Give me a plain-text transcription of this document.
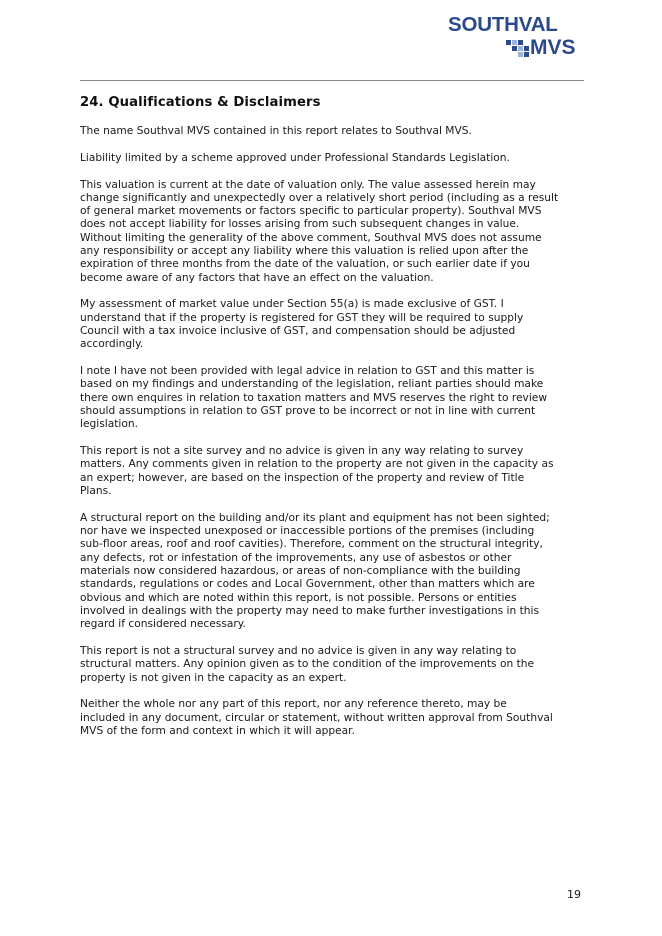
SOUTHVAL
MVS
24. Qualifications & Disclaimers

The name Southval MVS contained in this report relates to Southval MVS.

Liability limited by a scheme approved under Professional Standards Legislation.

This valuation is current at the date of valuation only. The value assessed herein may
change significantly and unexpectedly over a relatively short period (including as a result
of general market movements or factors specific to particular property). Southval MVS
does not accept liability for losses arising from such subsequent changes in value.
Without limiting the generality of the above comment, Southval MVS does not assume
any responsibility or accept any liability where this valuation is relied upon after the
expiration of three months from the date of the valuation, or such earlier date if you
become aware of any factors that have an effect on the valuation.

My assessment of market value under Section 55(a) is made exclusive of GST. I
understand that if the property is registered for GST they will be required to supply
Council with a tax invoice inclusive of GST, and compensation should be adjusted
accordingly.

I note I have not been provided with legal advice in relation to GST and this matter is
based on my findings and understanding of the legislation, reliant parties should make
there own enquires in relation to taxation matters and MVS reserves the right to review
should assumptions in relation to GST prove to be incorrect or not in line with current
legislation.

This report is not a site survey and no advice is given in any way relating to survey
matters. Any comments given in relation to the property are not given in the capacity as
an expert; however, are based on the inspection of the property and review of Title
Plans.

A structural report on the building and/or its plant and equipment has not been sighted;
nor have we inspected unexposed or inaccessible portions of the premises (including
sub-floor areas, roof and roof cavities). Therefore, comment on the structural integrity,
any defects, rot or infestation of the improvements, any use of asbestos or other
materials now considered hazardous, or areas of non-compliance with the building
standards, regulations or codes and Local Government, other than matters which are
obvious and which are noted within this report, is not possible. Persons or entities
involved in dealings with the property may need to make further investigations in this
regard if considered necessary.

This report is not a structural survey and no advice is given in any way relating to
structural matters. Any opinion given as to the condition of the improvements on the
property is not given in the capacity as an expert.

Neither the whole nor any part of this report, nor any reference thereto, may be
included in any document, circular or statement, without written approval from Southval
MVS of the form and context in which it will appear.

19
